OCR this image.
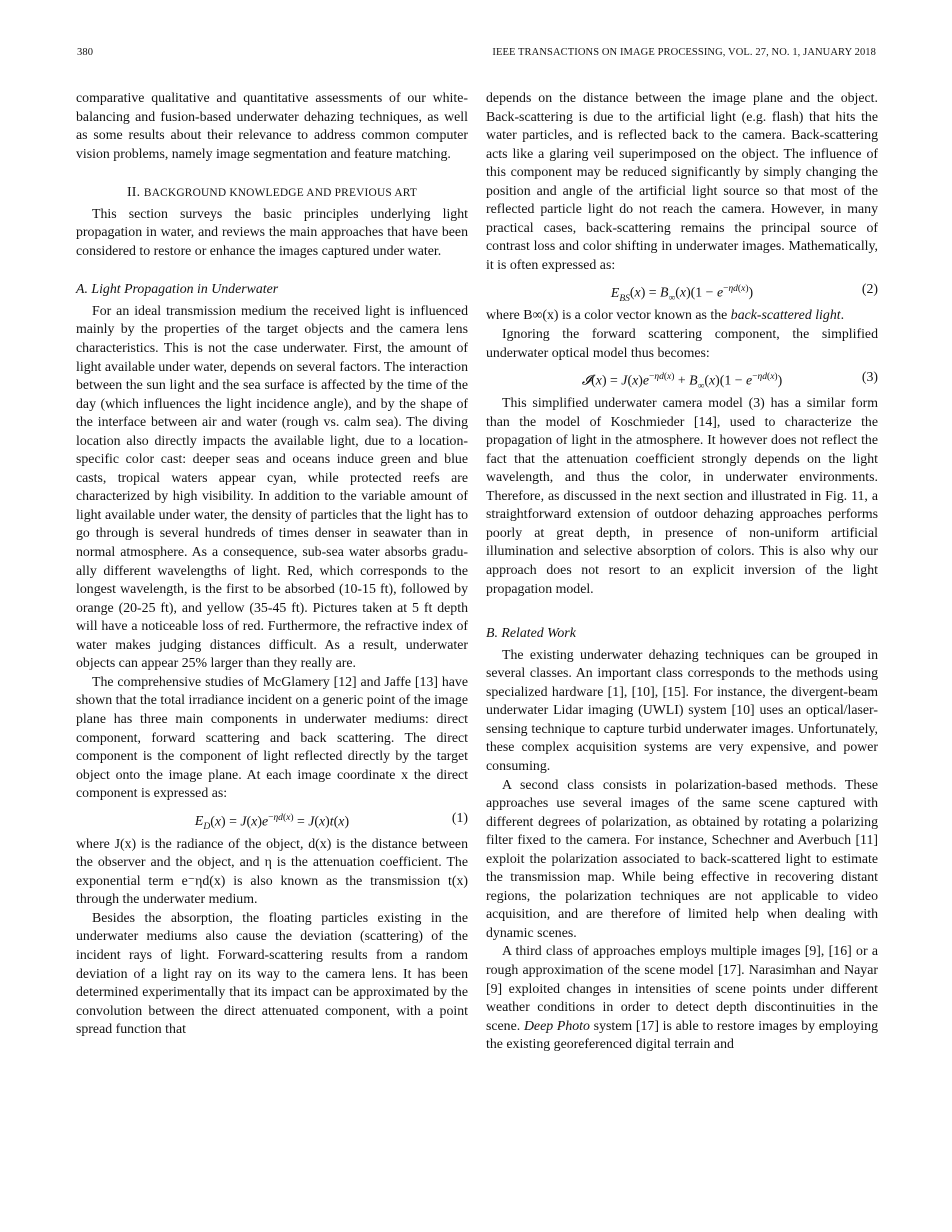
380	IEEE TRANSACTIONS ON IMAGE PROCESSING, VOL. 27, NO. 1, JANUARY 2018

comparative qualitative and quantitative assessments of our white-balancing and fusion-based underwater dehazing techniques, as well as some results about their relevance to address common computer vision problems, namely image segmentation and feature matching.

II. BACKGROUND KNOWLEDGE AND PREVIOUS ART

This section surveys the basic principles underlying light propagation in water, and reviews the main approaches that have been considered to restore or enhance the images captured under water.

A. Light Propagation in Underwater

For an ideal transmission medium the received light is influenced mainly by the properties of the target objects and the camera lens characteristics. This is not the case underwater. First, the amount of light available under water, depends on several factors. The interaction between the sun light and the sea surface is affected by the time of the day (which influences the light incidence angle), and by the shape of the interface between air and water (rough vs. calm sea). The diving location also directly impacts the available light, due to a location-specific color cast: deeper seas and oceans induce green and blue casts, tropical waters appear cyan, while protected reefs are characterized by high visibility. In addition to the variable amount of light available under water, the density of particles that the light has to go through is several hundreds of times denser in seawater than in normal atmosphere. As a consequence, sub-sea water absorbs gradually different wavelengths of light. Red, which corresponds to the longest wavelength, is the first to be absorbed (10-15 ft), followed by orange (20-25 ft), and yellow (35-45 ft). Pictures taken at 5 ft depth will have a noticeable loss of red. Furthermore, the refractive index of water makes judging distances difficult. As a result, underwater objects can appear 25% larger than they really are.

The comprehensive studies of McGlamery [12] and Jaffe [13] have shown that the total irradiance incident on a generic point of the image plane has three main components in underwater mediums: direct component, forward scattering and back scattering. The direct component is the component of light reflected directly by the target object onto the image plane. At each image coordinate x the direct component is expressed as:

$E_D(x) = J(x)e^{-\eta d(x)} = J(x)t(x)$	(1)

where J(x) is the radiance of the object, d(x) is the distance between the observer and the object, and η is the attenuation coefficient. The exponential term e⁻ηd(x) is also known as the transmission t(x) through the underwater medium.

Besides the absorption, the floating particles existing in the underwater mediums also cause the deviation (scattering) of the incident rays of light. Forward-scattering results from a random deviation of a light ray on its way to the camera lens. It has been determined experimentally that its impact can be approximated by the convolution between the direct attenuated component, with a point spread function that

depends on the distance between the image plane and the object. Back-scattering is due to the artificial light (e.g. flash) that hits the water particles, and is reflected back to the camera. Back-scattering acts like a glaring veil superimposed on the object. The influence of this component may be reduced significantly by simply changing the position and angle of the artificial light source so that most of the reflected particle light do not reach the camera. However, in many practical cases, back-scattering remains the principal source of contrast loss and color shifting in underwater images. Mathematically, it is often expressed as:

$E_{BS}(x) = B_\infty(x)(1 - e^{-\eta d(x)})$	(2)

where B∞(x) is a color vector known as the back-scattered light.

Ignoring the forward scattering component, the simplified underwater optical model thus becomes:

𝓘(x) = $J(x)e^{-\eta d(x)} + B_\infty(x)(1 - e^{-\eta d(x)})$	(3)

This simplified underwater camera model (3) has a similar form than the model of Koschmieder [14], used to characterize the propagation of light in the atmosphere. It however does not reflect the fact that the attenuation coefficient strongly depends on the light wavelength, and thus the color, in underwater environments. Therefore, as discussed in the next section and illustrated in Fig. 11, a straightforward extension of outdoor dehazing approaches performs poorly at great depth, in presence of non-uniform artificial illumination and selective absorption of colors. This is also why our approach does not resort to an explicit inversion of the light propagation model.

B. Related Work

The existing underwater dehazing techniques can be grouped in several classes. An important class corresponds to the methods using specialized hardware [1], [10], [15]. For instance, the divergent-beam underwater Lidar imaging (UWLI) system [10] uses an optical/laser-sensing technique to capture turbid underwater images. Unfortunately, these complex acquisition systems are very expensive, and power consuming.

A second class consists in polarization-based methods. These approaches use several images of the same scene captured with different degrees of polarization, as obtained by rotating a polarizing filter fixed to the camera. For instance, Schechner and Averbuch [11] exploit the polarization associated to back-scattered light to estimate the transmission map. While being effective in recovering distant regions, the polarization techniques are not applicable to video acquisition, and are therefore of limited help when dealing with dynamic scenes.

A third class of approaches employs multiple images [9], [16] or a rough approximation of the scene model [17]. Narasimhan and Nayar [9] exploited changes in intensities of scene points under different weather conditions in order to detect depth discontinuities in the scene. Deep Photo system [17] is able to restore images by employing the existing georeferenced digital terrain and
